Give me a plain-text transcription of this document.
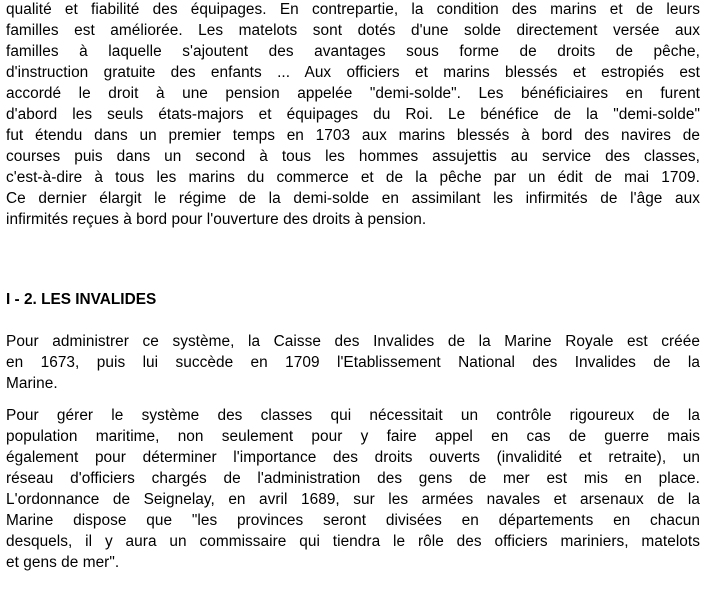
qualité et fiabilité des équipages. En contrepartie, la condition des marins et de leurs
familles est améliorée. Les matelots sont dotés d'une solde directement versée aux
familles à laquelle s'ajoutent des avantages sous forme de droits de pêche,
d'instruction gratuite des enfants ... Aux officiers et marins blessés et estropiés est
accordé le droit à une pension appelée "demi-solde". Les bénéficiaires en furent
d'abord les seuls états-majors et équipages du Roi. Le bénéfice de la "demi-solde"
fut étendu dans un premier temps en 1703 aux marins blessés à bord des navires de
courses puis dans un second à tous les hommes assujettis au service des classes,
c'est-à-dire à tous les marins du commerce et de la pêche par un édit de mai 1709.
Ce dernier élargit le régime de la demi-solde en assimilant les infirmités de l'âge aux
infirmités reçues à bord pour l'ouverture des droits à pension.

I - 2. LES INVALIDES

Pour administrer ce système, la Caisse des Invalides de la Marine Royale est créée
en 1673, puis lui succède en 1709 l'Etablissement National des Invalides de la
Marine.

Pour gérer le système des classes qui nécessitait un contrôle rigoureux de la
population maritime, non seulement pour y faire appel en cas de guerre mais
également pour déterminer l'importance des droits ouverts (invalidité et retraite), un
réseau d'officiers chargés de l'administration des gens de mer est mis en place.
L'ordonnance de Seignelay, en avril 1689, sur les armées navales et arsenaux de la
Marine dispose que "les provinces seront divisées en départements en chacun
desquels, il y aura un commissaire qui tiendra le rôle des officiers mariniers, matelots
et gens de mer".
